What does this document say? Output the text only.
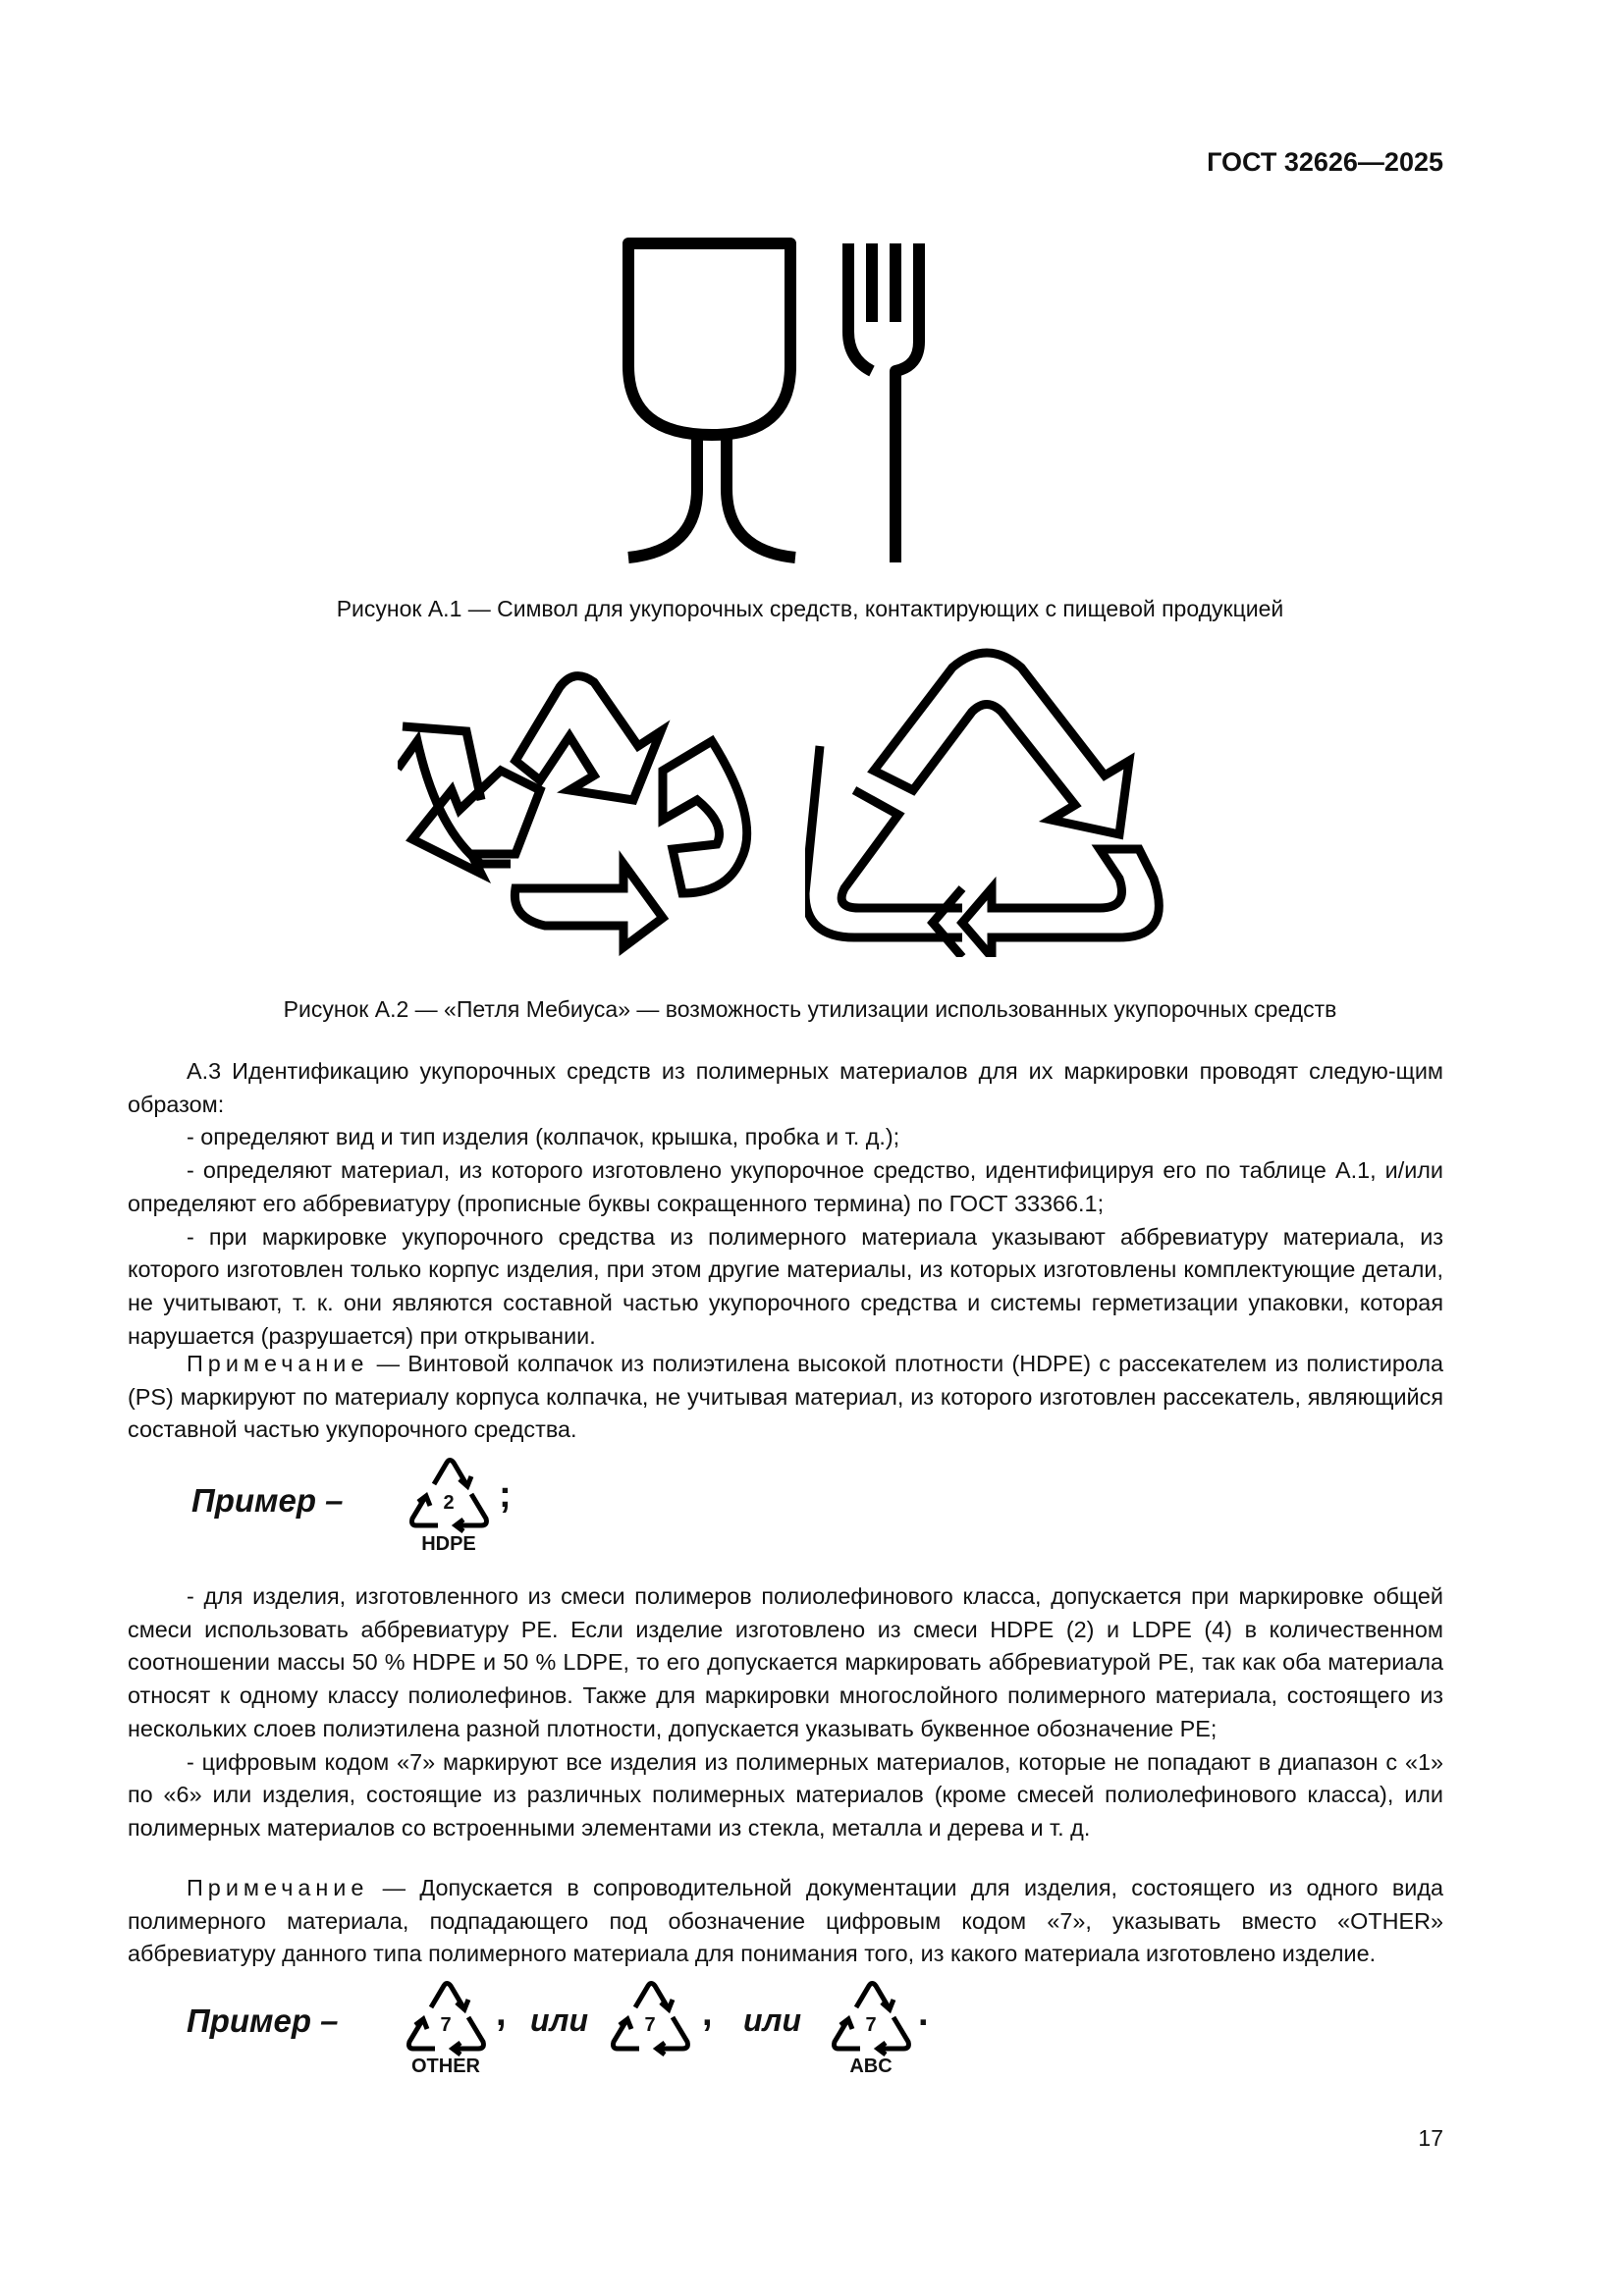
ГОСТ 32626—2025
Рисунок А.1 — Символ для укупорочных средств, контактирующих с пищевой продукцией
Рисунок А.2 — «Петля Мебиуса» — возможность утилизации использованных укупорочных средств

А.3 Идентификацию укупорочных средств из полимерных материалов для их маркировки проводят следую-щим образом:

- определяют вид и тип изделия (колпачок, крышка, пробка и т. д.);

- определяют материал, из которого изготовлено укупорочное средство, идентифицируя его по таблице А.1, и/или определяют его аббревиатуру (прописные буквы сокращенного термина) по ГОСТ 33366.1;

- при маркировке укупорочного средства из полимерного материала указывают аббревиатуру материала, из которого изготовлен только корпус изделия, при этом другие материалы, из которых изготовлены комплектующие детали, не учитывают, т. к. они являются составной частью укупорочного средства и системы герметизации упаковки, которая нарушается (разрушается) при открывании.

Примечание — Винтовой колпачок из полиэтилена высокой плотности (HDPE) с рассекателем из полистирола (PS) маркируют по материалу корпуса колпачка, не учитывая материал, из которого изготовлен рассекатель, являющийся составной частью укупорочного средства.

Пример –	2
HDPE
;

- для изделия, изготовленного из смеси полимеров полиолефинового класса, допускается при маркировке общей смеси использовать аббревиатуру PE. Если изделие изготовлено из смеси HDPE (2) и LDPE (4) в количественном соотношении массы 50 % HDPE и 50 % LDPE, то его допускается маркировать аббревиатурой PE, так как оба материала относят к одному классу полиолефинов. Также для маркировки многослойного полимерного материала, состоящего из нескольких слоев полиэтилена разной плотности, допускается указывать буквенное обозначение PE;

- цифровым кодом «7» маркируют все изделия из полимерных материалов, которые не попадают в диапазон с «1» по «6» или изделия, состоящие из различных полимерных материалов (кроме смесей полиолефинового класса), или полимерных материалов со встроенными элементами из стекла, металла и дерева и т. д.

Примечание — Допускается в сопроводительной документации для изделия, состоящего из одного вида полимерного материала, подпадающего под обозначение цифровым кодом «7», указывать вместо «OTHER» аббревиатуру данного типа полимерного материала для понимания того, из какого материала изготовлено изделие.

Пример –	7
OTHER
, или	7	, или	7
ABC
.
17
